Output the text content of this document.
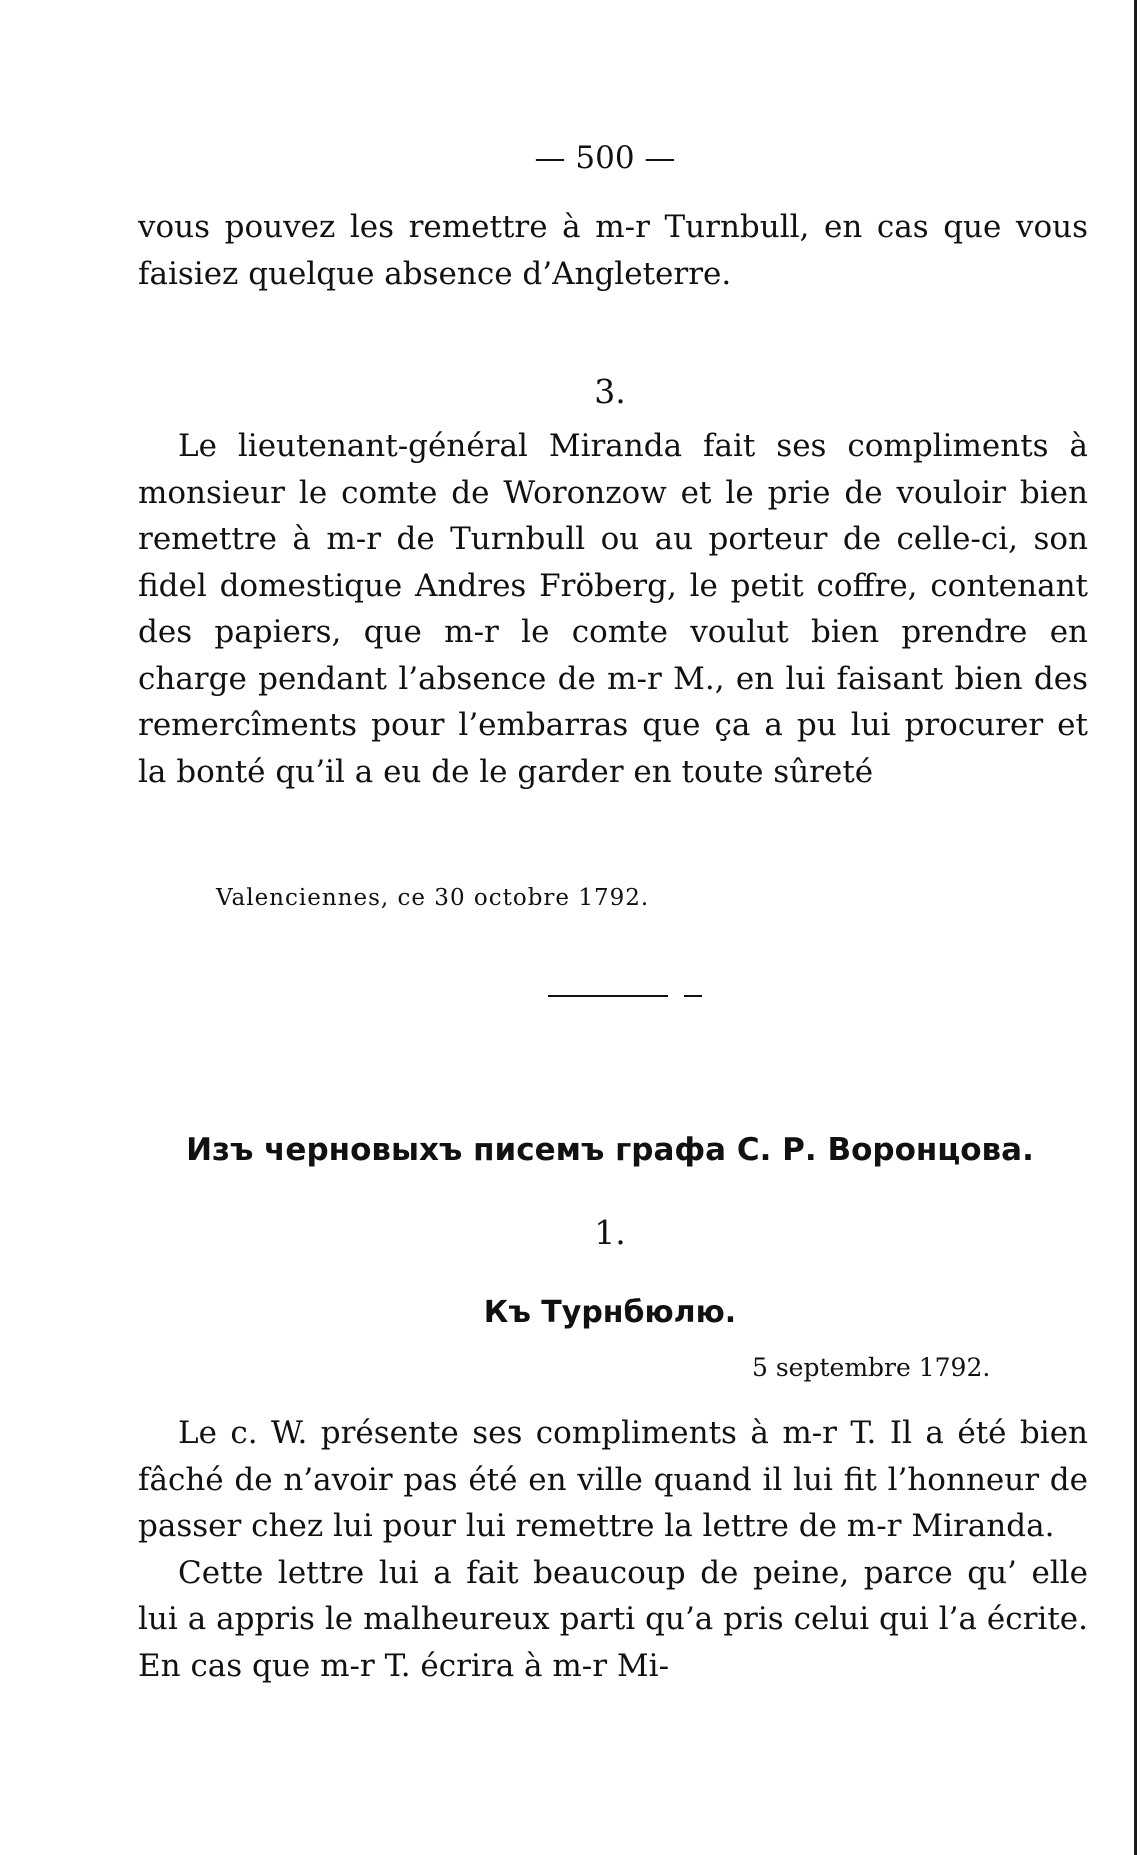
— 500 —

vous pouvez les remettre à m-r Turnbull, en cas que vous faisiez quelque absence d’Angleterre.

3.

Le lieutenant-général Miranda fait ses compliments à monsieur le comte de Woronzow et le prie de vouloir bien remettre à m-r de Turnbull ou au porteur de celle-ci, son fidel domestique Andres Fröberg, le petit coffre, contenant des papiers, que m-r le comte voulut bien prendre en charge pendant l’absence de m-r M., en lui faisant bien des remercîments pour l’embarras que ça a pu lui procurer et la bonté qu’il a eu de le garder en toute sûreté

Valenciennes, ce 30 octobre 1792.
Изъ черновыхъ писемъ графа С. Р. Воронцова.
1.
Къ Турнбюлю.
5 septembre 1792.

Le c. W. présente ses compliments à m-r T. Il a été bien fâché de n’avoir pas été en ville quand il lui fit l’honneur de passer chez lui pour lui remettre la lettre de m-r Miranda.

Cette lettre lui a fait beaucoup de peine, parce qu’ elle lui a appris le malheureux parti qu’a pris celui qui l’a écrite. En cas que m-r T. écrira à m-r Mi-
